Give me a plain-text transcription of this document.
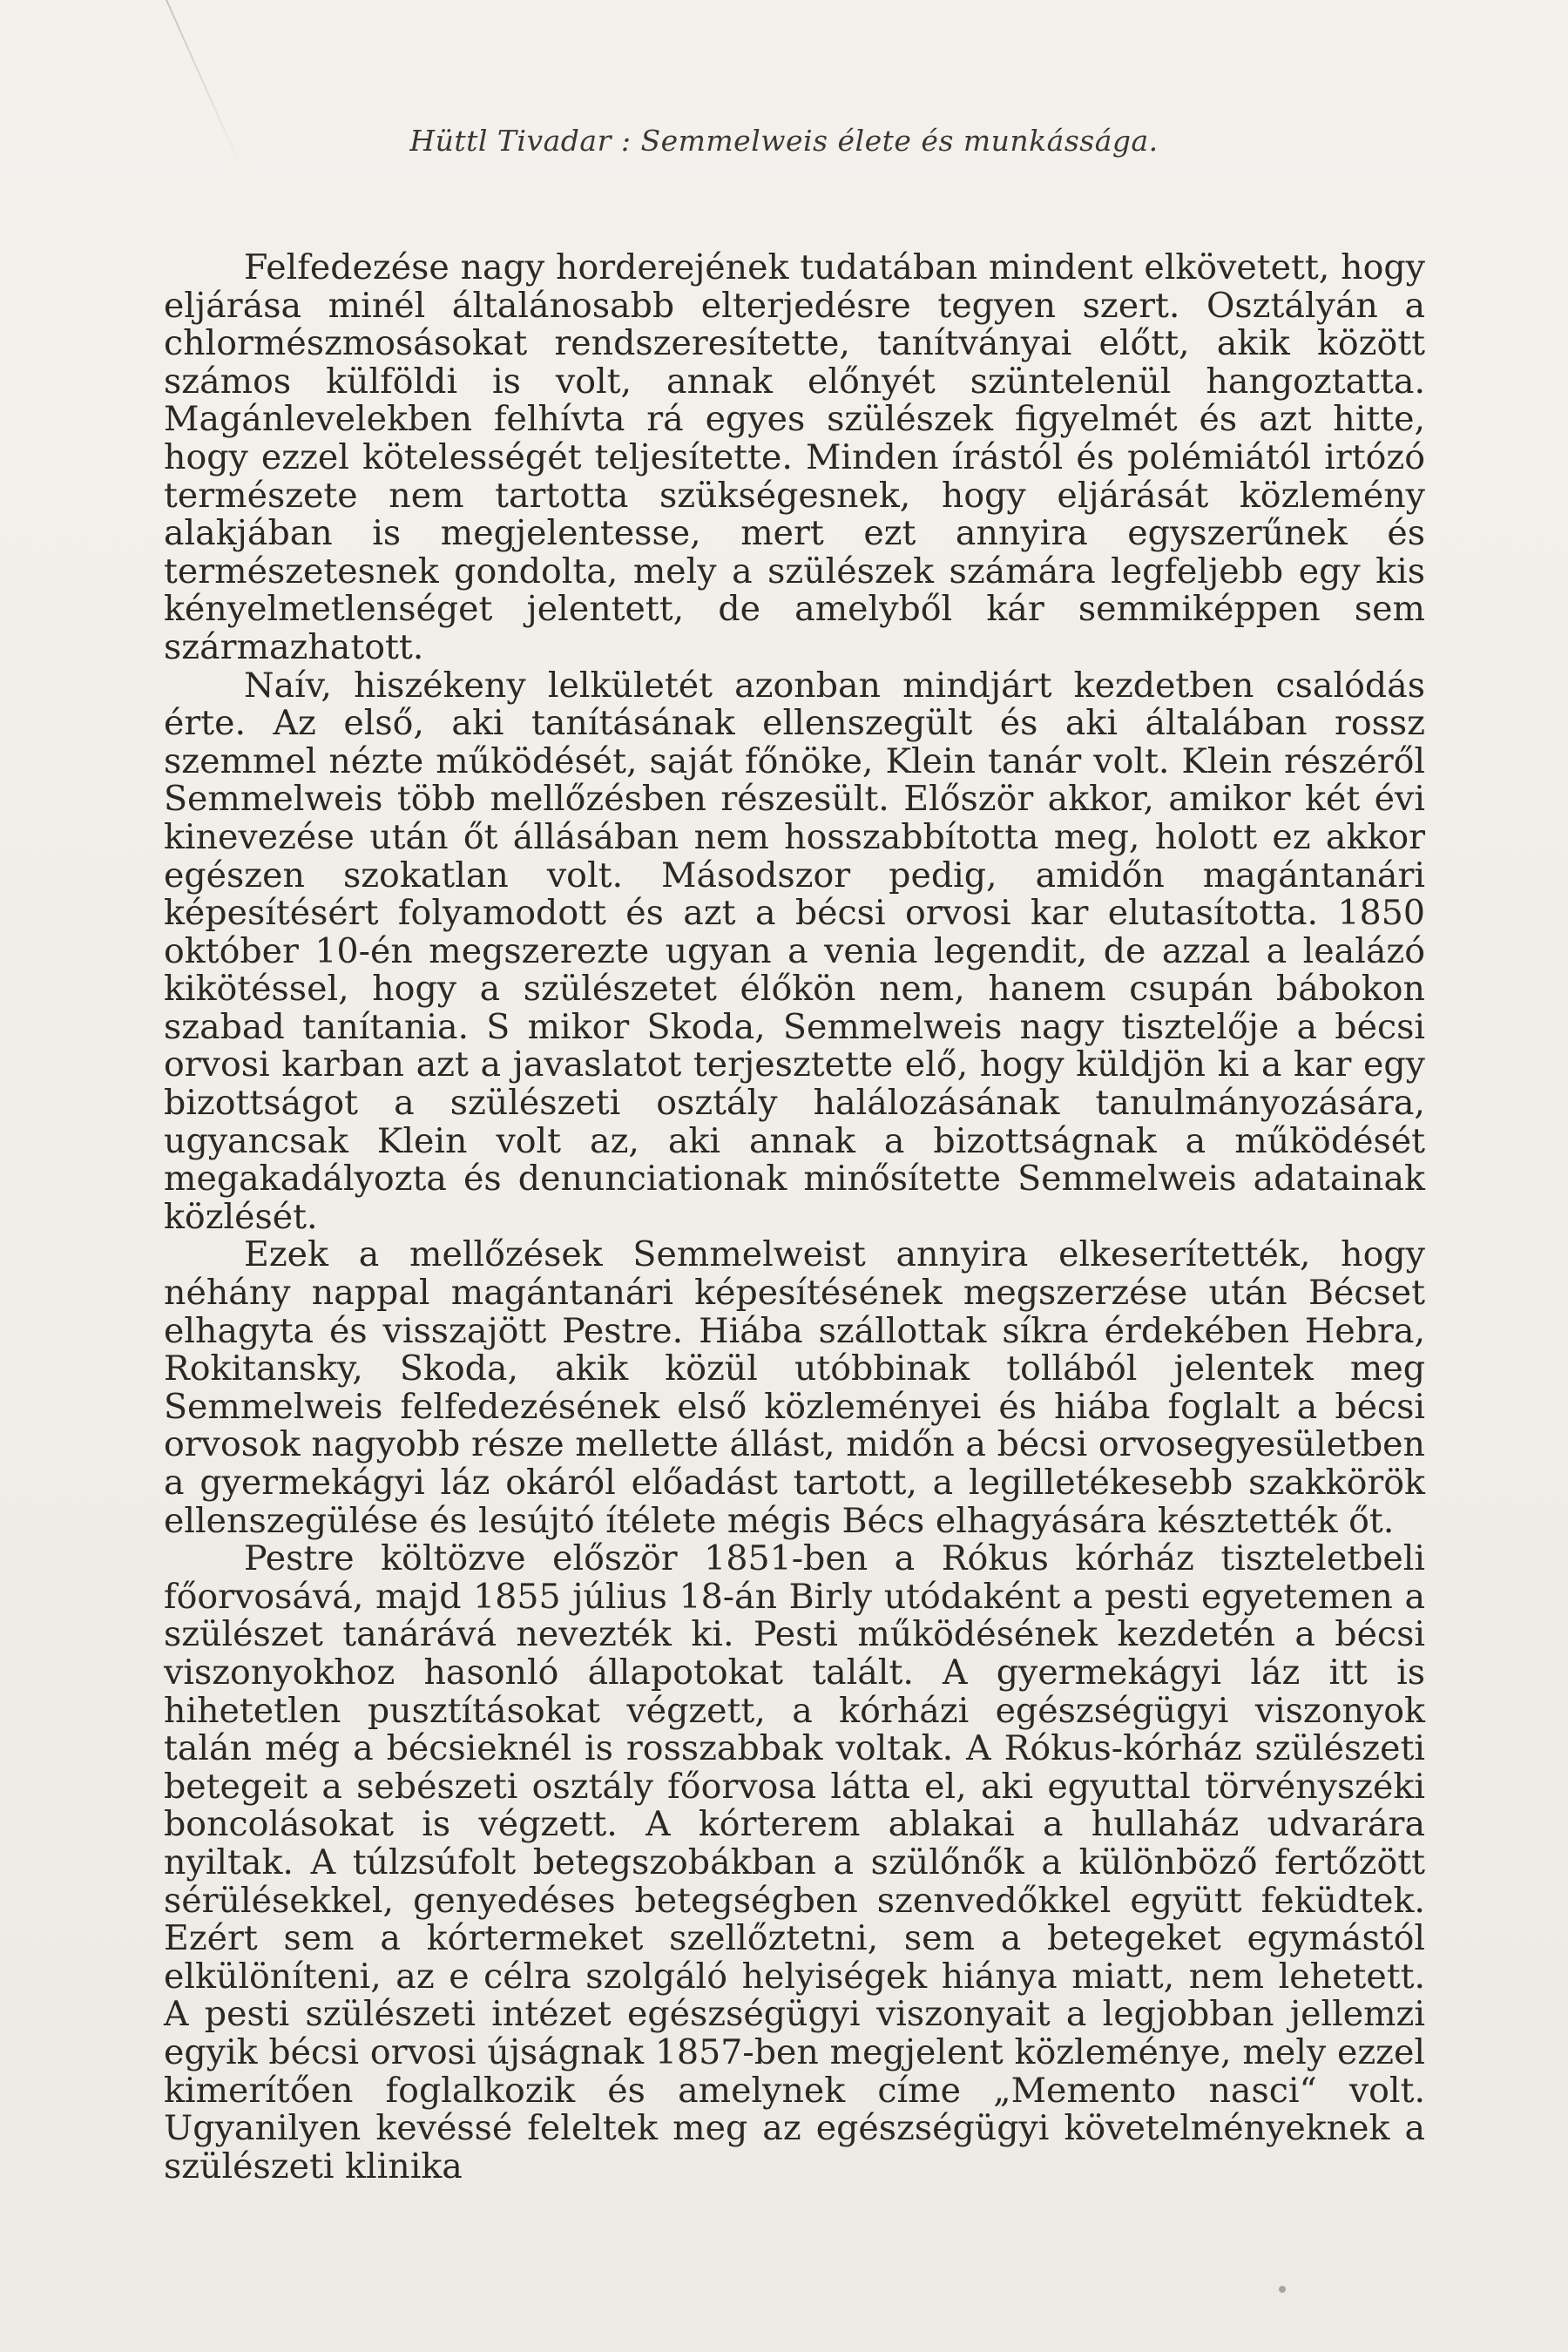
Hüttl Tivadar : Semmelweis élete és munkássága.

Felfedezése nagy horderejének tudatában mindent elkövetett, hogy eljárása minél általánosabb elterjedésre tegyen szert. Osztályán a chlormészmosásokat rendszeresítette, tanítványai előtt, akik között számos külföldi is volt, annak előnyét szüntelenül hangoztatta. Magánlevelekben felhívta rá egyes szülészek figyelmét és azt hitte, hogy ezzel kötelességét teljesítette. Minden írástól és polémiától irtózó természete nem tartotta szükségesnek, hogy eljárását közlemény alakjában is megjelentesse, mert ezt annyira egyszerűnek és természetesnek gondolta, mely a szülészek számára legfeljebb egy kis kényelmetlenséget jelentett, de amelyből kár semmiképpen sem származhatott.

Naív, hiszékeny lelkületét azonban mindjárt kezdetben csalódás érte. Az első, aki tanításának ellenszegült és aki általában rossz szemmel nézte működését, saját főnöke, Klein tanár volt. Klein részéről Semmelweis több mellőzésben részesült. Először akkor, amikor két évi kinevezése után őt állásában nem hosszabbította meg, holott ez akkor egészen szokatlan volt. Másodszor pedig, amidőn magántanári képesítésért folyamodott és azt a bécsi orvosi kar elutasította. 1850 október 10-én megszerezte ugyan a venia legendit, de azzal a lealázó kikötéssel, hogy a szülészetet élőkön nem, hanem csupán bábokon szabad tanítania. S mikor Skoda, Semmelweis nagy tisztelője a bécsi orvosi karban azt a javaslatot terjesztette elő, hogy küldjön ki a kar egy bizottságot a szülészeti osztály halálozásának tanulmányozására, ugyancsak Klein volt az, aki annak a bizottságnak a működését megakadályozta és denunciationak minősítette Semmelweis adatainak közlését.

Ezek a mellőzések Semmelweist annyira elkeserítették, hogy néhány nappal magántanári képesítésének megszerzése után Bécset elhagyta és visszajött Pestre. Hiába szállottak síkra érdekében Hebra, Rokitansky, Skoda, akik közül utóbbinak tollából jelentek meg Semmelweis felfedezésének első közleményei és hiába foglalt a bécsi orvosok nagyobb része mellette állást, midőn a bécsi orvosegyesületben a gyermekágyi láz okáról előadást tartott, a legilletékesebb szakkörök ellenszegülése és lesújtó ítélete mégis Bécs elhagyására késztették őt.

Pestre költözve először 1851-ben a Rókus kórház tiszteletbeli főorvosává, majd 1855 július 18-án Birly utódaként a pesti egyetemen a szülészet tanárává nevezték ki. Pesti működésének kezdetén a bécsi viszonyokhoz hasonló állapotokat talált. A gyermekágyi láz itt is hihetetlen pusztításokat végzett, a kórházi egészségügyi viszonyok talán még a bécsieknél is rosszabbak voltak. A Rókus-kórház szülészeti betegeit a sebészeti osztály főorvosa látta el, aki egyuttal törvényszéki boncolásokat is végzett. A kórterem ablakai a hullaház udvarára nyiltak. A túlzsúfolt betegszobákban a szülőnők a különböző fertőzött sérülésekkel, genyedéses betegségben szenvedőkkel együtt feküdtek. Ezért sem a kórtermeket szellőztetni, sem a betegeket egymástól elkülöníteni, az e célra szolgáló helyiségek hiánya miatt, nem lehetett. A pesti szülészeti intézet egészségügyi viszonyait a legjobban jellemzi egyik bécsi orvosi újságnak 1857-ben megjelent közleménye, mely ezzel kimerítően foglalkozik és amelynek címe „Memento nasci“ volt. Ugyanilyen kevéssé feleltek meg az egészségügyi követelményeknek a szülészeti klinika
